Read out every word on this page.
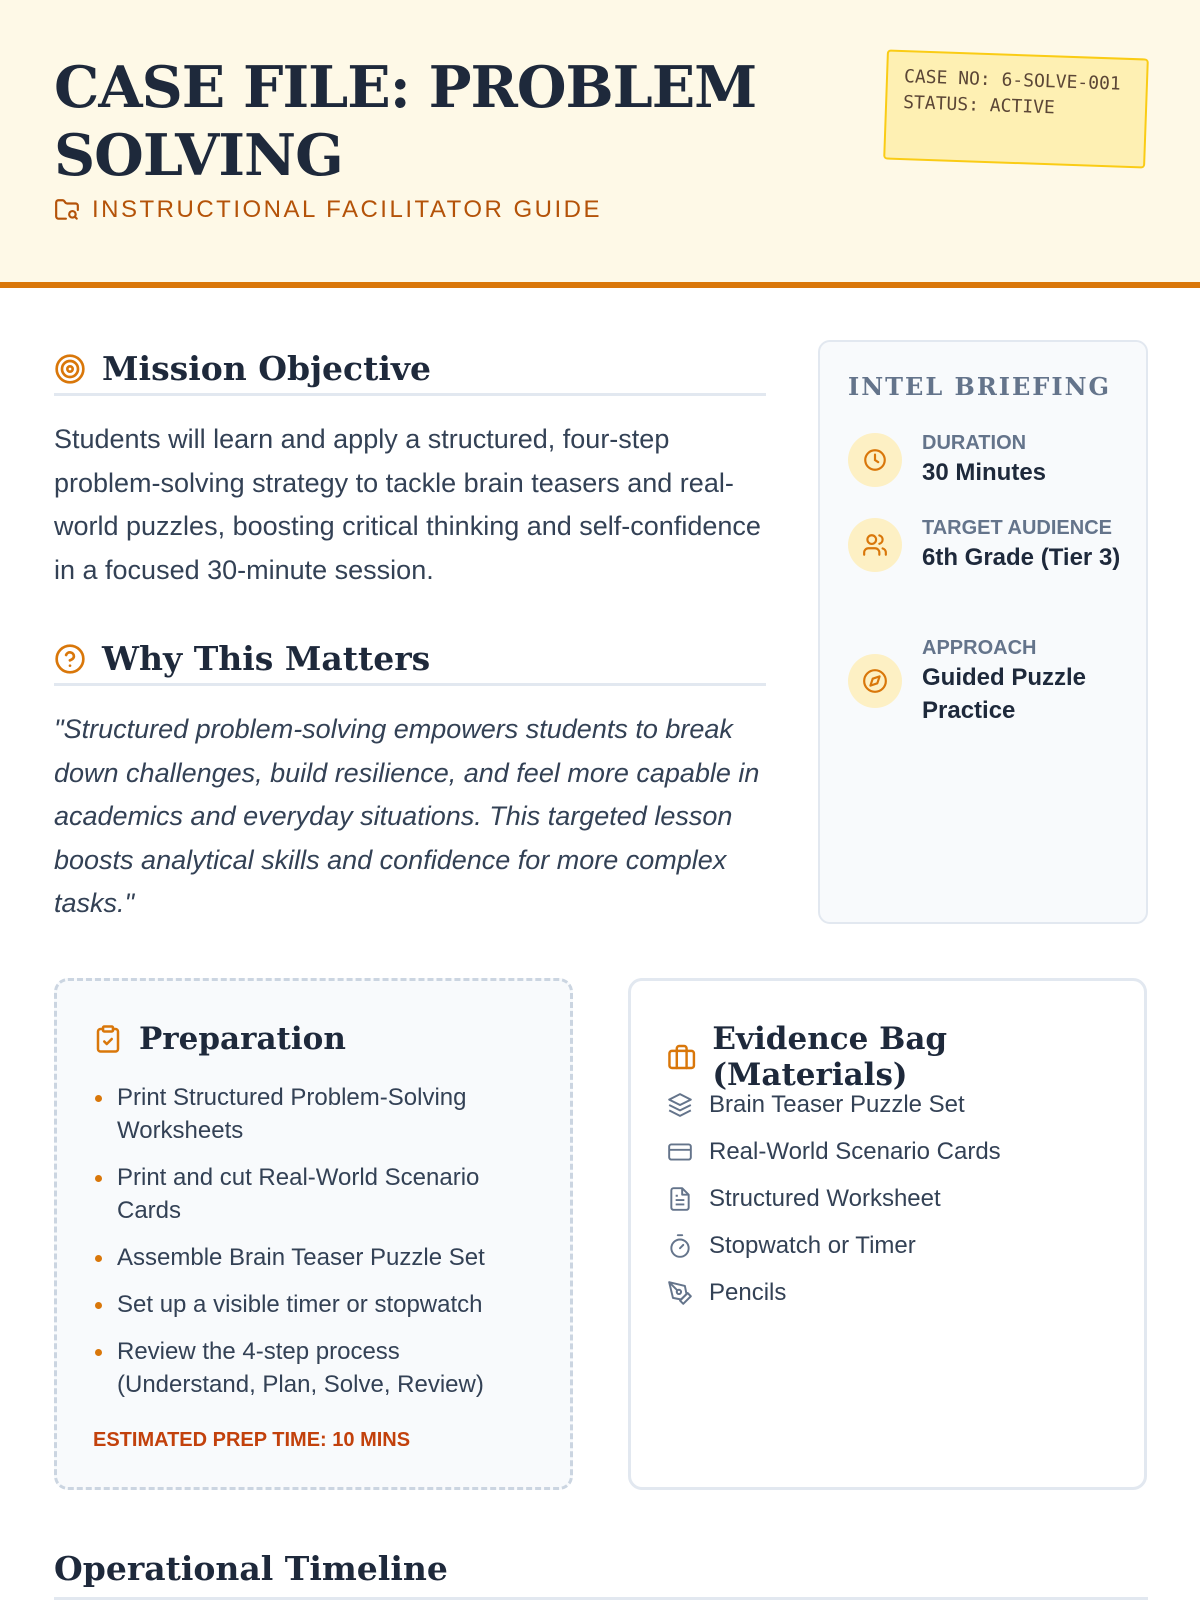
CASE FILE: PROBLEM SOLVING
INSTRUCTIONAL FACILITATOR GUIDE
CASE NO: 6-SOLVE-001
STATUS: ACTIVE
Mission Objective

Students will learn and apply a structured, four-step problem-solving strategy to tackle brain teasers and real-world puzzles, boosting critical thinking and self-confidence in a focused 30-minute session.

Why This Matters

"Structured problem-solving empowers students to break down challenges, build resilience, and feel more capable in academics and everyday situations. This targeted lesson boosts analytical skills and confidence for more complex tasks."

INTEL BRIEFING
DURATION
30 Minutes
TARGET AUDIENCE
6th Grade (Tier 3)
APPROACH
Guided Puzzle Practice
Preparation
Print Structured Problem-Solving Worksheets
Print and cut Real-World Scenario Cards
Assemble Brain Teaser Puzzle Set
Set up a visible timer or stopwatch
Review the 4-step process (Understand, Plan, Solve, Review)
ESTIMATED PREP TIME: 10 MINS
Evidence Bag (Materials)
Brain Teaser Puzzle Set
Real-World Scenario Cards
Structured Worksheet
Stopwatch or Timer
Pencils
Operational Timeline
